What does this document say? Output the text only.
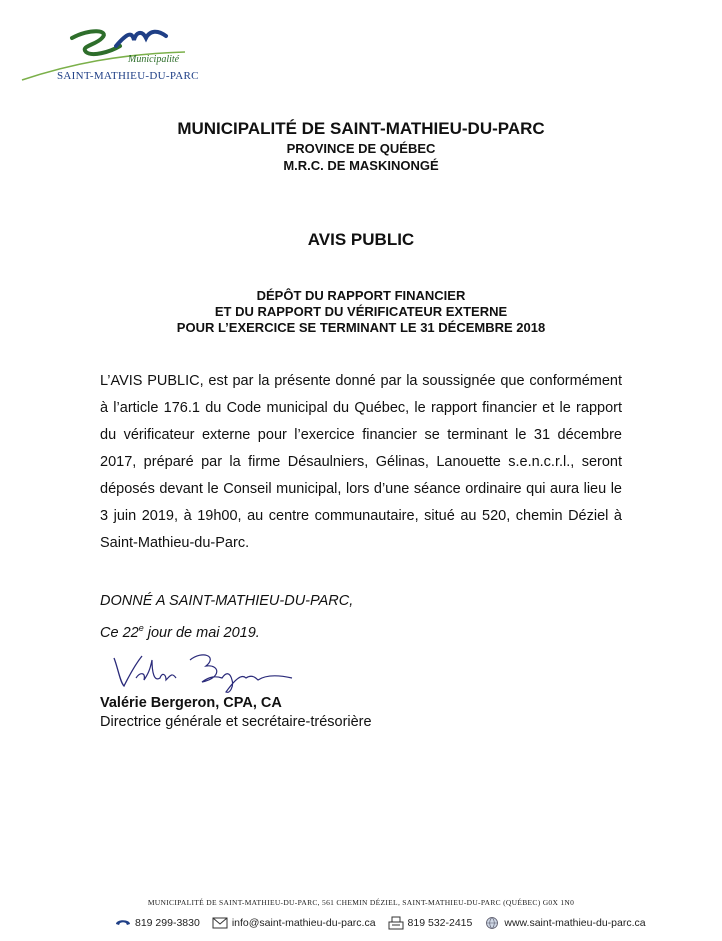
Municipalité
SAINT-MATHIEU-DU-PARC
MUNICIPALITÉ DE SAINT-MATHIEU-DU-PARC
PROVINCE DE QUÉBEC
M.R.C. DE MASKINONGÉ
AVIS PUBLIC
DÉPÔT DU RAPPORT FINANCIER
ET DU RAPPORT DU VÉRIFICATEUR EXTERNE
POUR L’EXERCICE SE TERMINANT LE 31 DÉCEMBRE 2018
L’AVIS PUBLIC, est par la présente donné par la soussignée que conformément à l’article 176.1 du Code municipal du Québec, le rapport financier et le rapport du vérificateur externe pour l’exercice financier se terminant le 31 décembre 2017, préparé par la firme Désaulniers, Gélinas, Lanouette s.e.n.c.r.l., seront déposés devant le Conseil municipal, lors d’une séance ordinaire qui aura lieu le 3 juin 2019, à 19h00, au centre communautaire, situé au 520, chemin Déziel à Saint-Mathieu-du-Parc.
DONNÉ A SAINT-MATHIEU-DU-PARC,
Ce 22e jour de mai 2019.
Valérie Bergeron, CPA, CA
Directrice générale et secrétaire-trésorière
MUNICIPALITÉ DE SAINT-MATHIEU-DU-PARC, 561 CHEMIN DÉZIEL, SAINT-MATHIEU-DU-PARC (QUÉBEC) G0X 1N0
819 299-3830	info@saint-mathieu-du-parc.ca	819 532-2415	www.saint-mathieu-du-parc.ca
